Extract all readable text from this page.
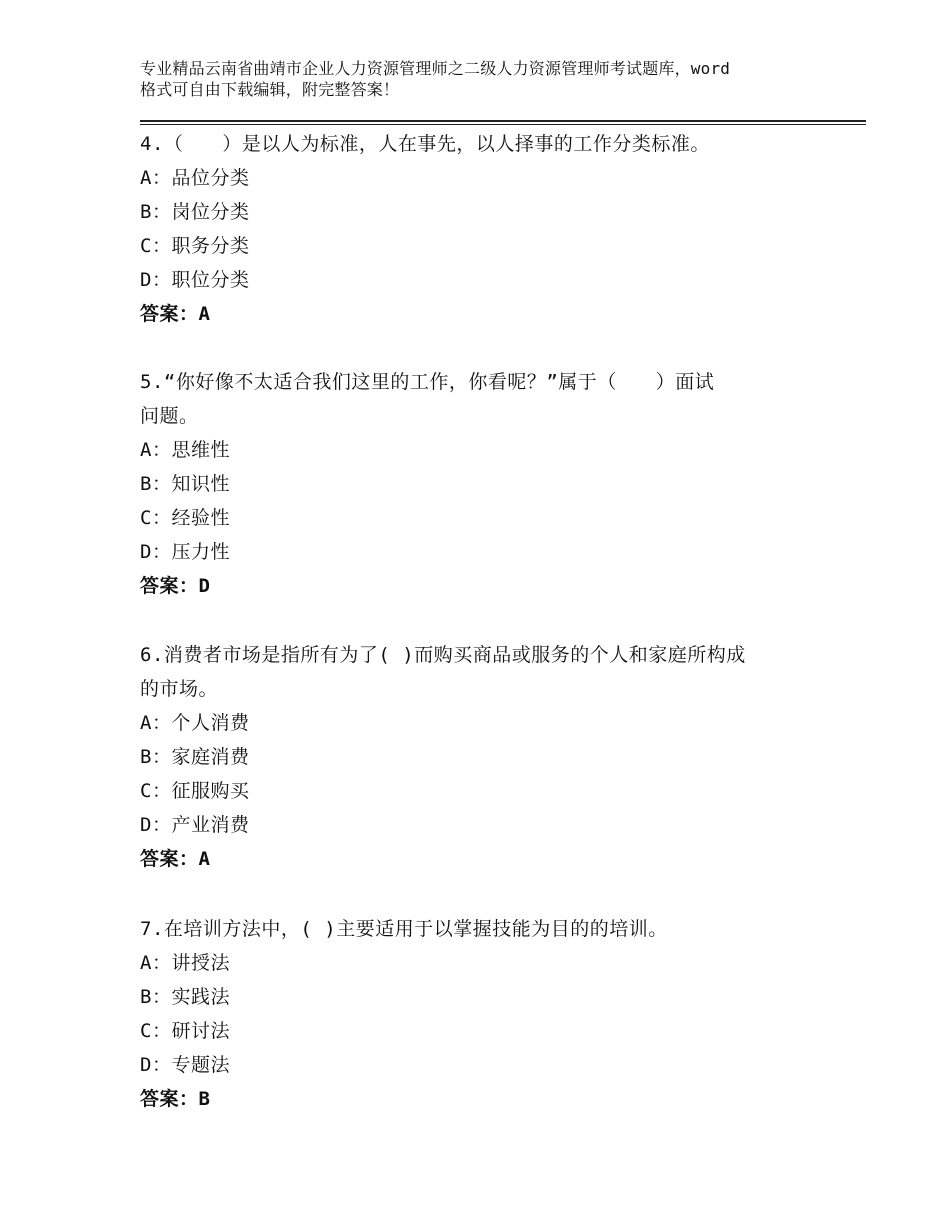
专业精品云南省曲靖市企业人力资源管理师之二级人力资源管理师考试题库，word
格式可自由下载编辑，附完整答案！
4.（　　）是以人为标准，人在事先，以人择事的工作分类标准。
A：品位分类
B：岗位分类
C：职务分类
D：职位分类
答案：A
5.“你好像不太适合我们这里的工作，你看呢？”属于（　　）面试
问题。
A：思维性
B：知识性
C：经验性
D：压力性
答案：D
6.消费者市场是指所有为了( )而购买商品或服务的个人和家庭所构成
的市场。
A：个人消费
B：家庭消费
C：征服购买
D：产业消费
答案：A
7.在培训方法中，( )主要适用于以掌握技能为目的的培训。
A：讲授法
B：实践法
C：研讨法
D：专题法
答案：B
